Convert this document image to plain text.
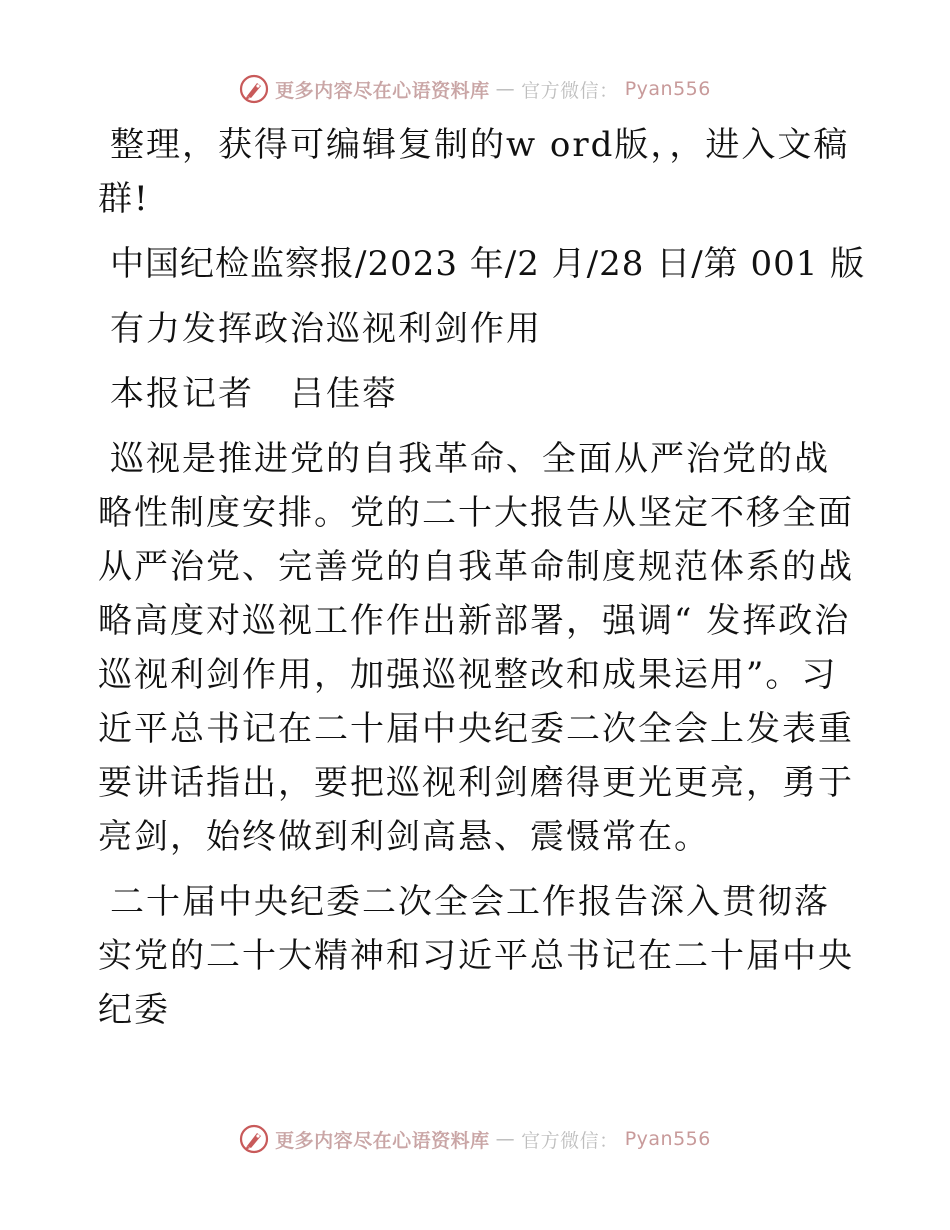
更多内容尽在心语资料库 — 官方微信： Pyan556

整理，获得可编辑复制的w ord版，，进入文稿群!

中国纪检监察报/2023 年/2 月/28 日/第 001 版

有力发挥政治巡视利剑作用

本报记者　吕佳蓉

巡视是推进党的自我革命、全面从严治党的战略性制度安排。党的二十大报告从坚定不移全面从严治党、完善党的自我革命制度规范体系的战略高度对巡视工作作出新部署，强调“ 发挥政治巡视利剑作用，加强巡视整改和成果运用”。习近平总书记在二十届中央纪委二次全会上发表重要讲话指出，要把巡视利剑磨得更光更亮，勇于亮剑，始终做到利剑高悬、震慑常在。

二十届中央纪委二次全会工作报告深入贯彻落实党的二十大精神和习近平总书记在二十届中央纪委

更多内容尽在心语资料库 — 官方微信： Pyan556
